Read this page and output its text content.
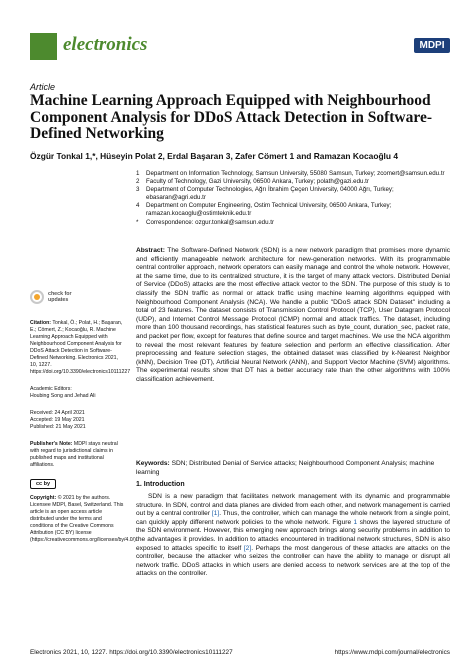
electronics	MDPI
Article
Machine Learning Approach Equipped with Neighbourhood Component Analysis for DDoS Attack Detection in Software-Defined Networking
Özgür Tonkal 1,*, Hüseyin Polat 2, Erdal Başaran 3, Zafer Cömert 1 and Ramazan Kocaoğlu 4
1 Department on Information Technology, Samsun University, 55080 Samsun, Turkey; zcomert@samsun.edu.tr
2 Faculty of Technology, Gazi University, 06500 Ankara, Turkey; polath@gazi.edu.tr
3 Department of Computer Technologies, Ağrı İbrahim Çeçen University, 04000 Ağrı, Turkey; ebasaran@agri.edu.tr
4 Department on Computer Engineering, Ostim Technical University, 06500 Ankara, Turkey; ramazan.kocaoglu@ostimteknik.edu.tr
* Correspondence: ozgur.tonkal@samsun.edu.tr
Abstract: The Software-Defined Network (SDN) is a new network paradigm that promises more dynamic and efficiently manageable network architecture for new-generation networks. With its programmable central controller approach, network operators can easily manage and control the whole network. However, at the same time, due to its centralized structure, it is the target of many attack vectors. Distributed Denial of Service (DDoS) attacks are the most effective attack vector to the SDN. The purpose of this study is to classify the SDN traffic as normal or attack traffic using machine learning algorithms equipped with Neighbourhood Component Analysis (NCA). We handle a public "DDoS attack SDN Dataset" including a total of 23 features. The dataset consists of Transmission Control Protocol (TCP), User Datagram Protocol (UDP), and Internet Control Message Protocol (ICMP) normal and attack traffics. The dataset, including more than 100 thousand recordings, has statistical features such as byte_count, duration_sec, packet rate, and packet per flow, except for features that define source and target machines. We use the NCA algorithm to reveal the most relevant features by feature selection and perform an effective classification. After preprocessing and feature selection stages, the obtained dataset was classified by k-Nearest Neighbor (kNN), Decision Tree (DT), Artificial Neural Network (ANN), and Support Vector Machine (SVM) algorithms. The experimental results show that DT has a better accuracy rate than the other algorithms with 100% classification achievement.
Keywords: SDN; Distributed Denial of Service attacks; Neighbourhood Component Analysis; machine learning
1. Introduction
SDN is a new paradigm that facilitates network management with its dynamic and programmable structure. In SDN, control and data planes are divided from each other, and network management is carried out by a central controller [1]. Thus, the controller, which can manage the whole network from a single point, can quickly apply different network policies to the whole network. Figure 1 shows the layered structure of the SDN environment. However, this emerging new approach brings along security problems in addition to the advantages it provides. In addition to attacks encountered in traditional network structures, SDN is also exposed to attacks specific to itself [2]. Perhaps the most dangerous of these attacks are attacks on the controller, because the attacker who seizes the controller can have the ability to manage or disrupt all network traffic. DDoS attacks in which users are denied access to network services are at the top of the attacks on the controller.
check for
updates
Citation: Tonkal, Ö.; Polat, H.; Başaran, E.; Cömert, Z.; Kocaoğlu, R. Machine Learning Approach Equipped with Neighbourhood Component Analysis for DDoS Attack Detection in Software-Defined Networking. Electronics 2021, 10, 1227. https://doi.org/10.3390/electronics10111227
Academic Editors:
Houbing Song and Jehad Ali
Received: 24 April 2021
Accepted: 19 May 2021
Published: 21 May 2021
Publisher's Note: MDPI stays neutral with regard to jurisdictional claims in published maps and institutional affiliations.
cc by
Copyright: © 2021 by the authors. Licensee MDPI, Basel, Switzerland. This article is an open access article distributed under the terms and conditions of the Creative Commons Attribution (CC BY) license (https://creativecommons.org/licenses/by/4.0/).
Electronics 2021, 10, 1227. https://doi.org/10.3390/electronics10111227	https://www.mdpi.com/journal/electronics
